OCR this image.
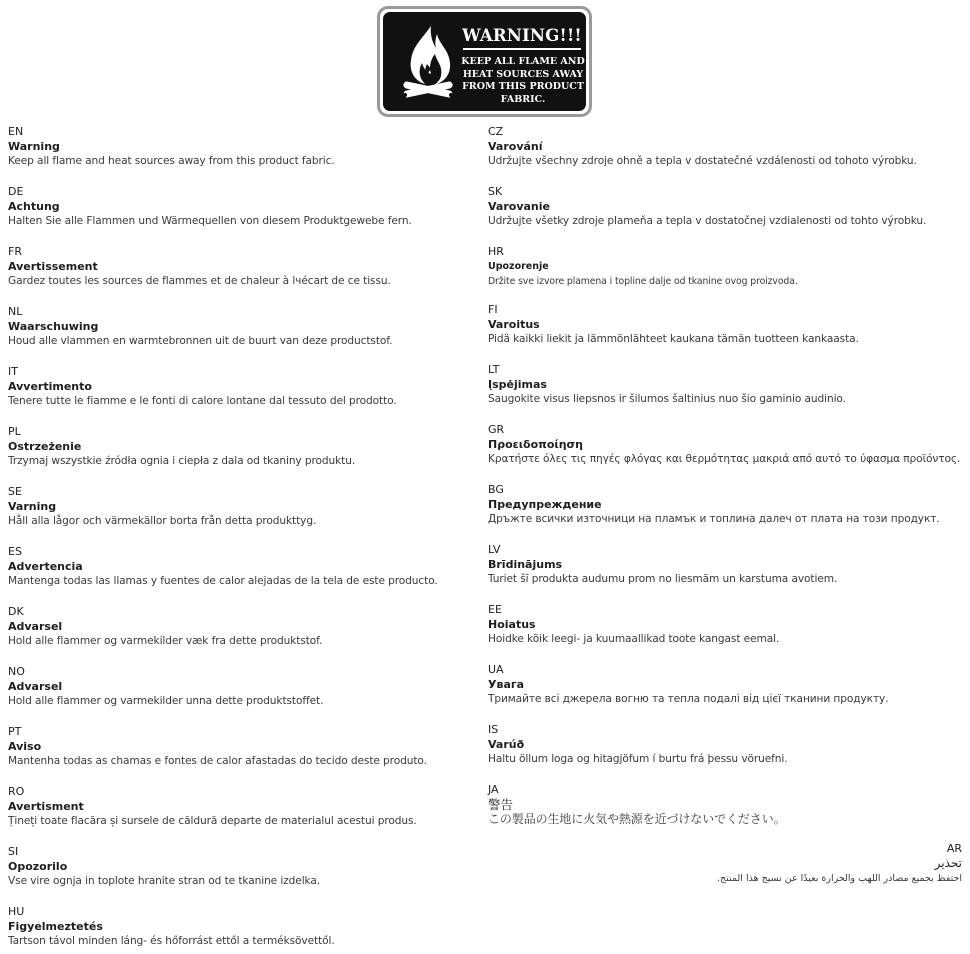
WARNING!!!
KEEP ALL FLAME AND
HEAT SOURCES AWAY
FROM THIS PRODUCT
FABRIC.
EN
Warning
Keep all flame and heat sources away from this product fabric.
DE
Achtung
Halten Sie alle Flammen und Wärmequellen von diesem Produktgewebe fern.
FR
Avertissement
Gardez toutes les sources de flammes et de chaleur à lчécart de ce tissu.
NL
Waarschuwing
Houd alle vlammen en warmtebronnen uit de buurt van deze productstof.
IT
Avvertimento
Tenere tutte le fiamme e le fonti di calore lontane dal tessuto del prodotto.
PL
Ostrzeżenie
Trzymaj wszystkie źródła ognia i ciepła z dala od tkaniny produktu.
SE
Varning
Håll alla lågor och värmekällor borta från detta produkttyg.
ES
Advertencia
Mantenga todas las llamas y fuentes de calor alejadas de la tela de este producto.
DK
Advarsel
Hold alle flammer og varmekilder væk fra dette produktstof.
NO
Advarsel
Hold alle flammer og varmekilder unna dette produktstoffet.
PT
Aviso
Mantenha todas as chamas e fontes de calor afastadas do tecido deste produto.
RO
Avertisment
Țineți toate flacăra și sursele de căldură departe de materialul acestui produs.
SI
Opozorilo
Vse vire ognja in toplote hranite stran od te tkanine izdelka.
HU
Figyelmeztetés
Tartson távol minden láng- és hőforrást ettől a terméksövettől.
CZ
Varování
Udržujte všechny zdroje ohně a tepla v dostatečné vzdálenosti od tohoto výrobku.
SK
Varovanie
Udržujte všetky zdroje plameňa a tepla v dostatočnej vzdialenosti od tohto výrobku.
HR
Upozorenje
Držite sve izvore plamena i topline dalje od tkanine ovog proizvoda.
FI
Varoitus
Pidä kaikki liekit ja lämmönlähteet kaukana tämän tuotteen kankaasta.
LT
Įspėjimas
Saugokite visus liepsnos ir šilumos šaltinius nuo šio gaminio audinio.
GR
Προειδοποίηση
Κρατήστε όλες τις πηγές φλόγας και θερμότητας μακριά από αυτό το ύφασμα προϊόντος.
BG
Предупреждение
Дръжте всички източници на пламък и топлина далеч от плата на този продукт.
LV
Brīdinājums
Turiet šī produkta audumu prom no liesmām un karstuma avotiem.
EE
Hoiatus
Hoidke kõik leegi- ja kuumaallikad toote kangast eemal.
UA
Увага
Тримайте всі джерела вогню та тепла подалі від цієї тканини продукту.
IS
Varúð
Haltu öllum loga og hitagjöfum í burtu frá þessu vöruefni.
JA
警告
この製品の生地に火気や熱源を近づけないでください。
AR
تحذير
احتفظ بجميع مصادر اللهب والحرارة بعيدًا عن نسيج هذا المنتج.
